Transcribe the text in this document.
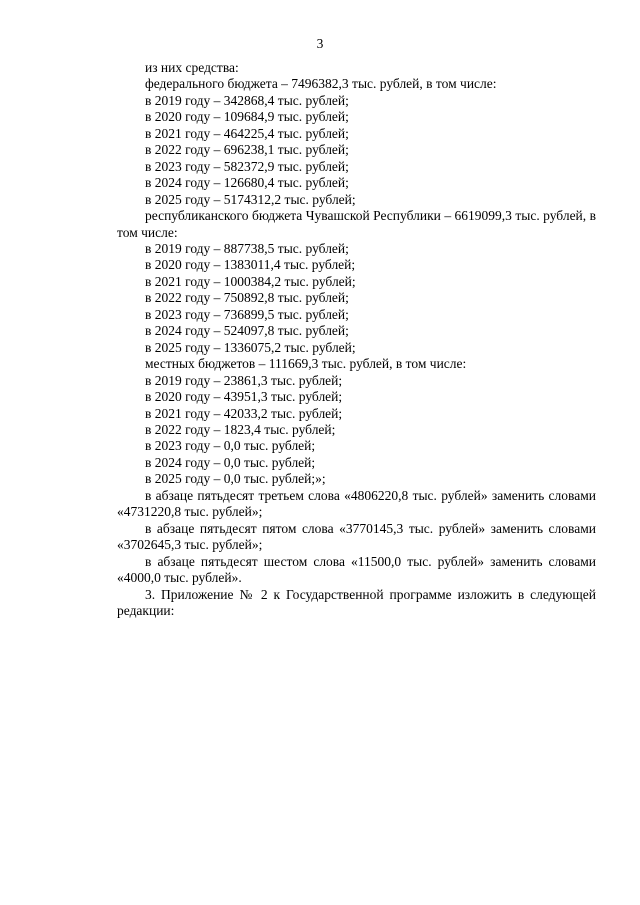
3
из них средства:
федерального бюджета – 7496382,3 тыс. рублей, в том числе:
в 2019 году – 342868,4 тыс. рублей;
в 2020 году – 109684,9 тыс. рублей;
в 2021 году – 464225,4 тыс. рублей;
в 2022 году – 696238,1 тыс. рублей;
в 2023 году – 582372,9 тыс. рублей;
в 2024 году – 126680,4 тыс. рублей;
в 2025 году – 5174312,2 тыс. рублей;

республиканского бюджета Чувашской Республики – 6619099,3 тыс. рублей, в том числе:

в 2019 году – 887738,5 тыс. рублей;
в 2020 году – 1383011,4 тыс. рублей;
в 2021 году – 1000384,2 тыс. рублей;
в 2022 году – 750892,8 тыс. рублей;
в 2023 году – 736899,5 тыс. рублей;
в 2024 году – 524097,8 тыс. рублей;
в 2025 году – 1336075,2 тыс. рублей;
местных бюджетов – 111669,3 тыс. рублей, в том числе:
в 2019 году – 23861,3 тыс. рублей;
в 2020 году – 43951,3 тыс. рублей;
в 2021 году – 42033,2 тыс. рублей;
в 2022 году – 1823,4 тыс. рублей;
в 2023 году – 0,0 тыс. рублей;
в 2024 году – 0,0 тыс. рублей;
в 2025 году – 0,0 тыс. рублей;»;

в абзаце пятьдесят третьем слова «4806220,8 тыс. рублей» заменить словами «4731220,8 тыс. рублей»;

в абзаце пятьдесят пятом слова «3770145,3 тыс. рублей» заменить словами «3702645,3 тыс. рублей»;

в абзаце пятьдесят шестом слова «11500,0 тыс. рублей» заменить словами «4000,0 тыс. рублей».

3. Приложение № 2 к Государственной программе изложить в следующей редакции:
